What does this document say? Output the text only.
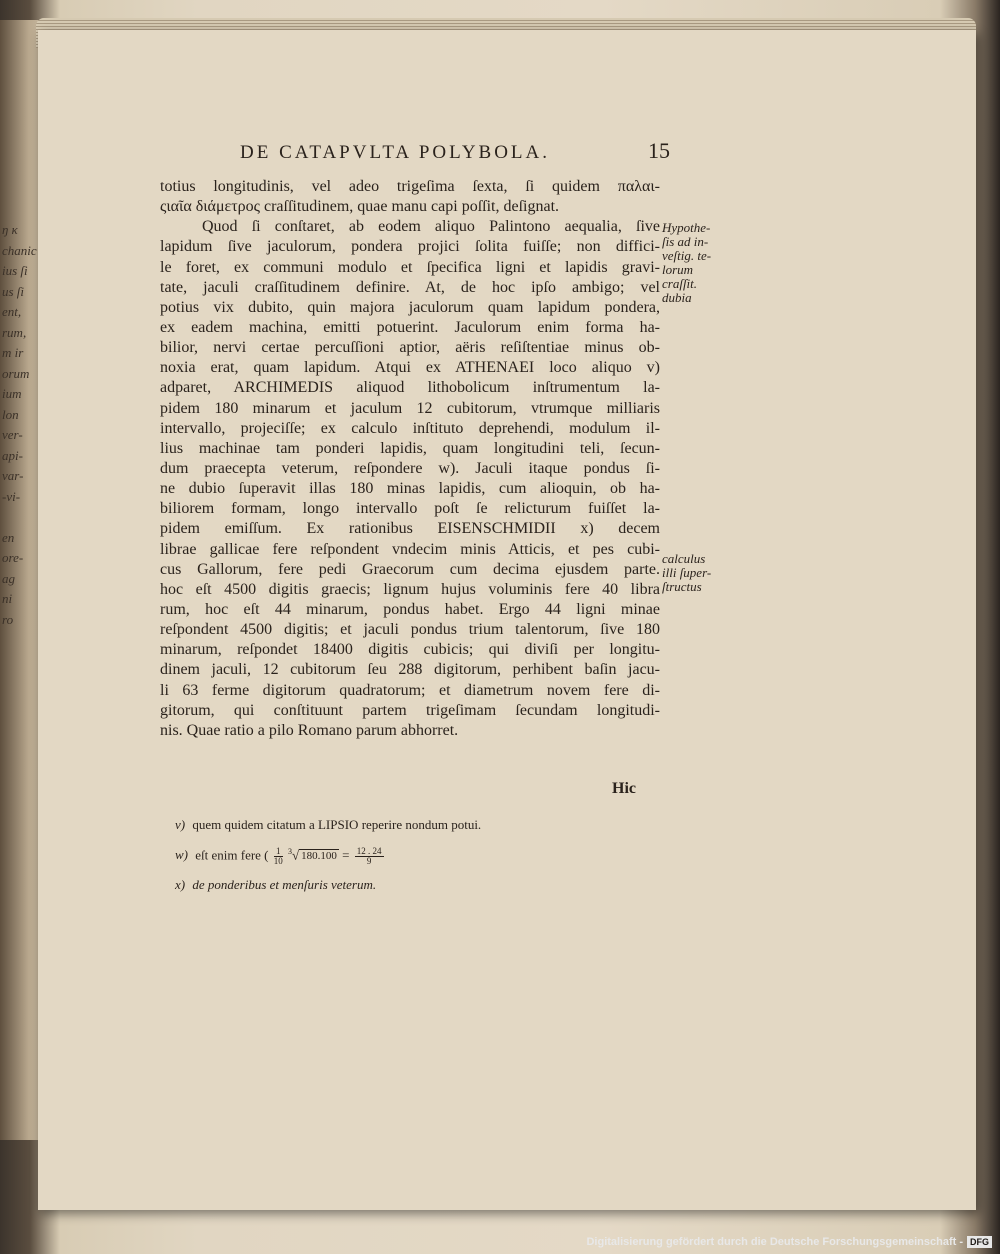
ŋ κ
chanic
ius ſi
us ſi
ent,
rum,
m ir
orum
ium
lon
ver-
api-
var-
-vi-
en
ore-
ag
ni
ro
DE CATAPVLTA POLYBOLA.	15
totius longitudinis, vel adeo trigeſima ſexta, ſi quidem παλαι-
ςιαῖα διάμετρος craſſitudinem, quae manu capi poſſit, deſignat.
Quod ſi conſtaret, ab eodem aliquo Palintono aequalia, ſive
lapidum ſive jaculorum, pondera projici ſolita fuiſſe; non diffici-
le foret, ex communi modulo et ſpecifica ligni et lapidis gravi-
tate, jaculi craſſitudinem definire. At, de hoc ipſo ambigo; vel
potius vix dubito, quin majora jaculorum quam lapidum pondera,
ex eadem machina, emitti potuerint. Jaculorum enim forma ha-
bilior, nervi certae percuſſioni aptior, aëris reſiſtentiae minus ob-
noxia erat, quam lapidum. Atqui ex ATHENAEI loco aliquo v)
adparet, ARCHIMEDIS aliquod lithobolicum inſtrumentum la-
pidem 180 minarum et jaculum 12 cubitorum, vtrumque milliaris
intervallo, projeciſſe; ex calculo inſtituto deprehendi, modulum il-
lius machinae tam ponderi lapidis, quam longitudini teli, ſecun-
dum praecepta veterum, reſpondere w). Jaculi itaque pondus ſi-
ne dubio ſuperavit illas 180 minas lapidis, cum alioquin, ob ha-
biliorem formam, longo intervallo poſt ſe relicturum fuiſſet la-
pidem emiſſum. Ex rationibus EISENSCHMIDII x) decem
librae gallicae fere reſpondent vndecim minis Atticis, et pes cubi-
cus Gallorum, fere pedi Graecorum cum decima ejusdem parte.
hoc eſt 4500 digitis graecis; lignum hujus voluminis fere 40 libra
rum, hoc eſt 44 minarum, pondus habet. Ergo 44 ligni minae
reſpondent 4500 digitis; et jaculi pondus trium talentorum, ſive 180
minarum, reſpondet 18400 digitis cubicis; qui diviſi per longitu-
dinem jaculi, 12 cubitorum ſeu 288 digitorum, perhibent baſin jacu-
li 63 ferme digitorum quadratorum; et diametrum novem fere di-
gitorum, qui conſtituunt partem trigeſimam ſecundam longitudi-
nis. Quae ratio a pilo Romano parum abhorret.
Hypothe-
ſis ad in-
veſtig. te-
lorum
craſſit.
dubia
calculus
illi ſuper-
ſtructus
Hic
v) quem quidem citatum a LIPSIO reperire nondum potui.
w) eſt enim fere ( $\frac{1}{10} ^3√$ $180.100 = \frac{12 . 24}{9}$
x) de ponderibus et menſuris veterum.
Digitalisierung gefördert durch die Deutsche Forschungsgemeinschaft - DFG
